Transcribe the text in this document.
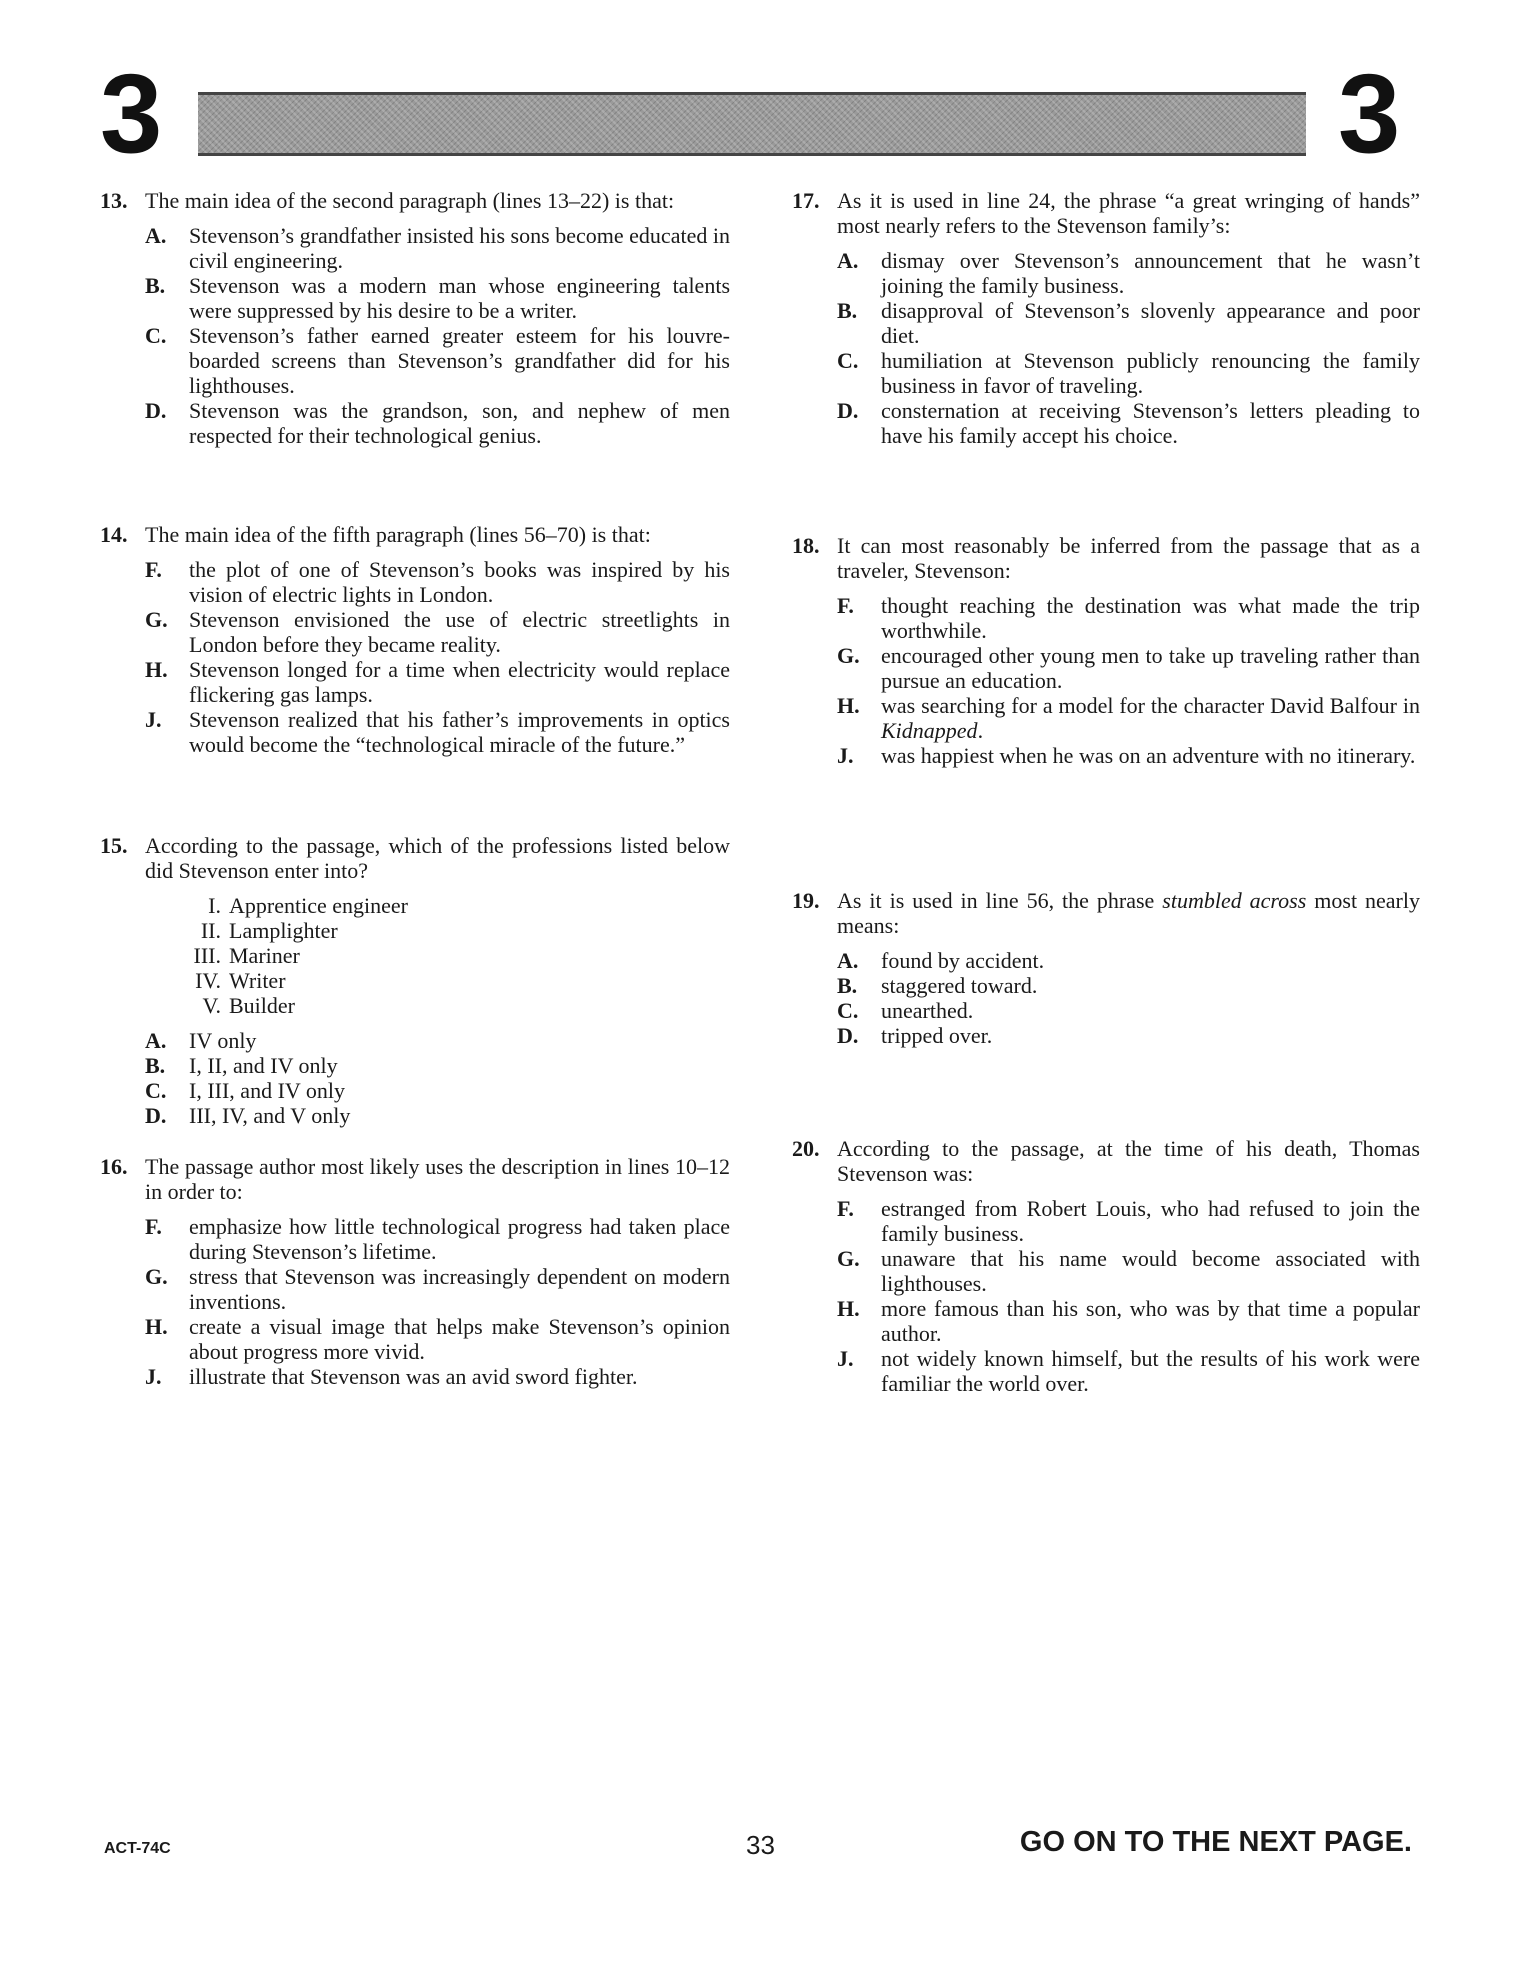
3	3
13. The main idea of the second paragraph (lines 13–22) is that:
A.	Stevenson’s grandfather insisted his sons become educated in civil engineering.
B.	Stevenson was a modern man whose engineering talents were suppressed by his desire to be a writer.
C.	Stevenson’s father earned greater esteem for his louvre-boarded screens than Stevenson’s grandfather did for his lighthouses.
D.	Stevenson was the grandson, son, and nephew of men respected for their technological genius.
14. The main idea of the fifth paragraph (lines 56–70) is that:
F.	the plot of one of Stevenson’s books was inspired by his vision of electric lights in London.
G. Stevenson envisioned the use of electric streetlights in London before they became reality.
H. Stevenson longed for a time when electricity would replace flickering gas lamps.
J.	Stevenson realized that his father’s improvements in optics would become the “technological miracle of the future.”
15. According to the passage, which of the professions listed below did Stevenson enter into?
I. Apprentice engineer
II. Lamplighter
III. Mariner
IV. Writer
V. Builder
A.	IV only
B.	I, II, and IV only
C.	I, III, and IV only
D.	III, IV, and V only
16. The passage author most likely uses the description in lines 10–12 in order to:
F.	emphasize how little technological progress had taken place during Stevenson’s lifetime.
G. stress that Stevenson was increasingly dependent on modern inventions.
H. create a visual image that helps make Stevenson’s opinion about progress more vivid.
J.	illustrate that Stevenson was an avid sword fighter.
17. As it is used in line 24, the phrase “a great wringing of hands” most nearly refers to the Stevenson family’s:
A.	dismay over Stevenson’s announcement that he wasn’t joining the family business.
B.	disapproval of Stevenson’s slovenly appearance and poor diet.
C.	humiliation at Stevenson publicly renouncing the family business in favor of traveling.
D.	consternation at receiving Stevenson’s letters pleading to have his family accept his choice.
18. It can most reasonably be inferred from the passage that as a traveler, Stevenson:
F.	thought reaching the destination was what made the trip worthwhile.
G. encouraged other young men to take up traveling rather than pursue an education.
H. was searching for a model for the character David Balfour in Kidnapped.
J.	was happiest when he was on an adventure with no itinerary.
19. As it is used in line 56, the phrase stumbled across most nearly means:
A.	found by accident.
B.	staggered toward.
C.	unearthed.
D.	tripped over.
20. According to the passage, at the time of his death, Thomas Stevenson was:
F.	estranged from Robert Louis, who had refused to join the family business.
G. unaware that his name would become associated with lighthouses.
H. more famous than his son, who was by that time a popular author.
J.	not widely known himself, but the results of his work were familiar the world over.
ACT-74C	33	GO ON TO THE NEXT PAGE.
